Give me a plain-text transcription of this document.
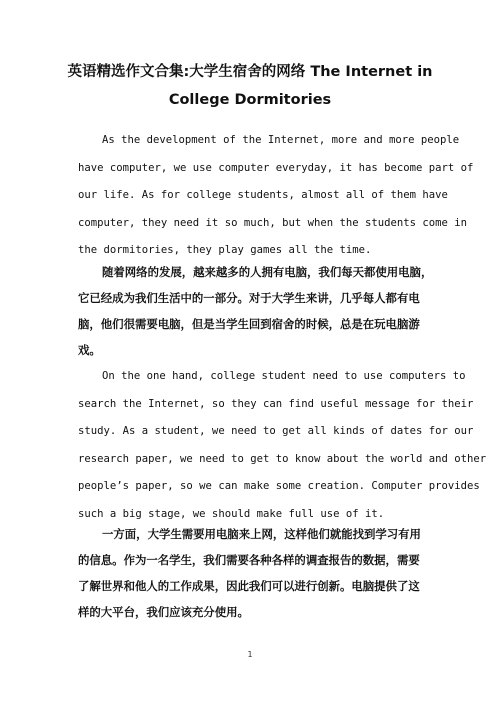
英语精选作文合集:大学生宿舍的网络 The Internet in
College Dormitories

As the development of the Internet, more and more people
have computer, we use computer everyday, it has become part of
our life. As for college students, almost all of them have
computer, they need it so much, but when the students come in
the dormitories, they play games all the time.

随着网络的发展，越来越多的人拥有电脑，我们每天都使用电脑，
它已经成为我们生活中的一部分。对于大学生来讲，几乎每人都有电
脑，他们很需要电脑，但是当学生回到宿舍的时候，总是在玩电脑游
戏。

On the one hand, college student need to use computers to
search the Internet, so they can find useful message for their
study. As a student, we need to get all kinds of dates for our
research paper, we need to get to know about the world and other
people’s paper, so we can make some creation. Computer provides
such a big stage, we should make full use of it.

一方面，大学生需要用电脑来上网，这样他们就能找到学习有用
的信息。作为一名学生，我们需要各种各样的调查报告的数据，需要
了解世界和他人的工作成果，因此我们可以进行创新。电脑提供了这
样的大平台，我们应该充分使用。

1
